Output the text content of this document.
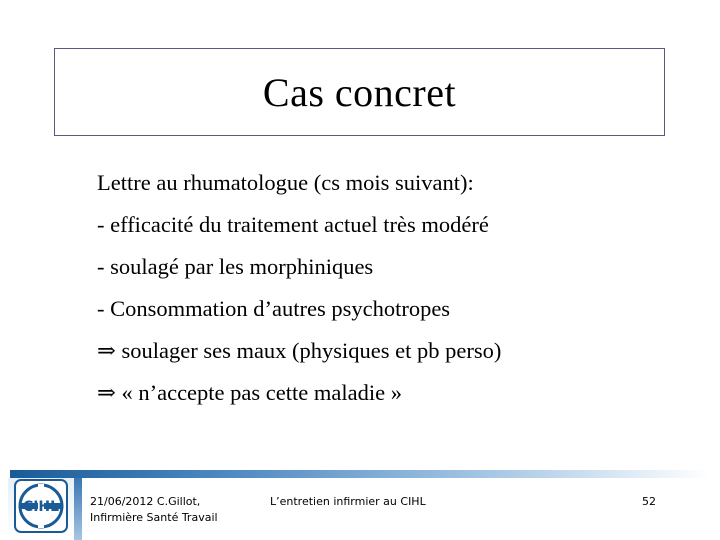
Cas concret
Lettre au rhumatologue (cs mois suivant):
- efficacité du traitement actuel très modéré
- soulagé par les morphiniques
- Consommation d’autres psychotropes
⇒ soulager ses maux (physiques et pb perso)
⇒ « n’accepte pas cette maladie »
CIHL	21/06/2012 C.Gillot,
Infirmière Santé Travail
L’entretien infirmier au CIHL	52
